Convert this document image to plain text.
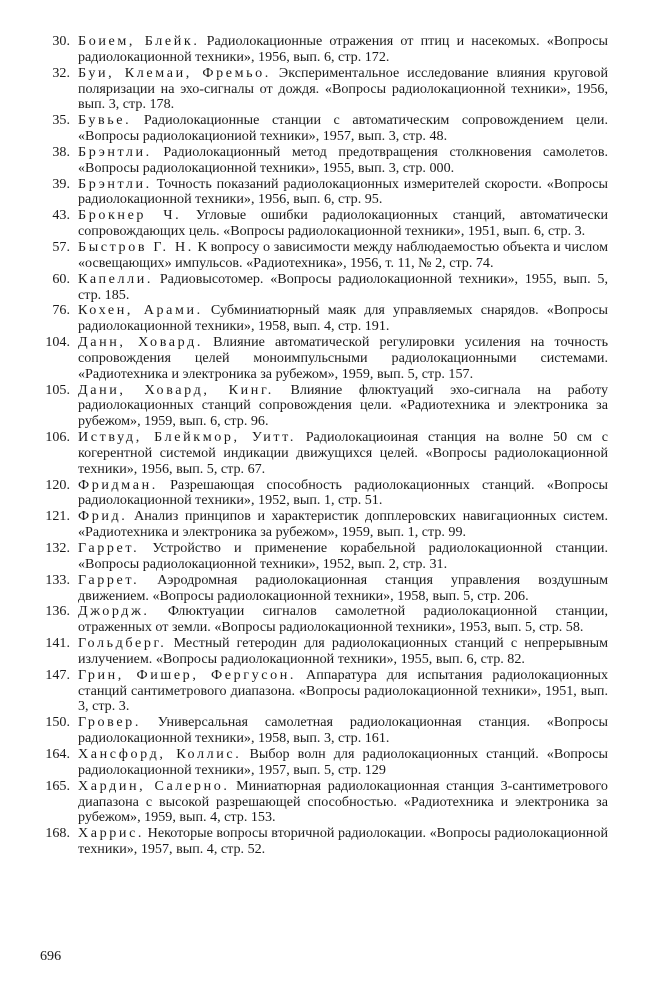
30. Боием, Блейк. Радиолокационные отражения от птиц и насекомых. «Вопросы радиолокационной техники», 1956, вып. 6, стр. 172.
32. Буи, Клемаи, Фремьо. Экспериментальное исследование влияния круговой поляризации на эхо-сигналы от дождя. «Вопросы радиолокационной техники», 1956, вып. 3, стр. 178.
35. Бувье. Радиолокационные станции с автоматическим сопровождением цели. «Вопросы радиолокациониой техники», 1957, вып. 3, стр. 48.
38. Брэнтли. Радиолокационный метод предотвращения столкновения самолетов. «Вопросы радиолокационной техники», 1955, вып. 3, стр. 000.
39. Брэнтли. Точность показаний радиолокационных измерителей скорости. «Вопросы радиолокационной техники», 1956, вып. 6, стр. 95.
43. Брокнер Ч. Угловые ошибки радиолокационных станций, автоматически сопровождающих цель. «Вопросы радиолокационной техники», 1951, вып. 6, стр. 3.
57. Быстров Г. Н. К вопросу о зависимости между наблюдаемостью объекта и числом «освещающих» импульсов. «Радиотехника», 1956, т. 11, № 2, стр. 74.
60. Капелли. Радиовысотомер. «Вопросы радиолокационной техники», 1955, вып. 5, стр. 185.
76. Кохен, Арами. Субминиатюрный маяк для управляемых снарядов. «Вопросы радиолокационной техники», 1958, вып. 4, стр. 191.
104. Данн, Ховард. Влияние автоматической регулировки усиления на точность сопровождения целей моноимпульсными радиолокационными системами. «Радиотехника и электроника за рубежом», 1959, вып. 5, стр. 157.
105. Дани, Ховард, Кинг. Влияние флюктуаций эхо-сигнала на работу радиолокационных станций сопровождения цели. «Радиотехника и электроника за рубежом», 1959, вып. 6, стр. 96.
106. Иствуд, Блейкмор, Уитт. Радиолокациоиная станция на волне 50 см с когерентной системой индикации движущихся целей. «Вопросы радиолокационной техники», 1956, вып. 5, стр. 67.
120. Фридман. Разрешающая способность радиолокационных станций. «Вопросы радиолокационной техники», 1952, вып. 1, стр. 51.
121. Фрид. Анализ принципов и характеристик допплеровских навигационных систем. «Радиотехника и электроника за рубежом», 1959, вып. 1, стр. 99.
132. Гаррет. Устройство и применение корабельной радиолокационной станции. «Вопросы радиолокационной техники», 1952, вып. 2, стр. 31.
133. Гаррет. Аэродромная радиолокационная станция управления воздушным движением. «Вопросы радиолокационной техники», 1958, вып. 5, стр. 206.
136. Джордж. Флюктуации сигналов самолетной радиолокационной станции, отраженных от земли. «Вопросы радиолокационной техники», 1953, вып. 5, стр. 58.
141. Гольдберг. Местный гетеродин для радиолокационных станций с непрерывным излучением. «Вопросы радиолокационной техники», 1955, вып. 6, стр. 82.
147. Грин, Фишер, Фергусон. Аппаратура для испытания радиолокационных станций сантиметрового диапазона. «Вопросы радиолокационной техники», 1951, вып. 3, стр. 3.
150. Гровер. Универсальная самолетная радиолокационная станция. «Вопросы радиолокационной техники», 1958, вып. 3, стр. 161.
164. Хансфорд, Коллис. Выбор волн для радиолокационных станций. «Вопросы радиолокационной техники», 1957, вып. 5, стр. 129
165. Хардин, Салерно. Миниатюрная радиолокационная станция 3-сантиметрового диапазона с высокой разрешающей способностью. «Радиотехника и электроника за рубежом», 1959, вып. 4, стр. 153.
168. Харрис. Некоторые вопросы вторичной радиолокации. «Вопросы радиолокационной техники», 1957, вып. 4, стр. 52.
696
